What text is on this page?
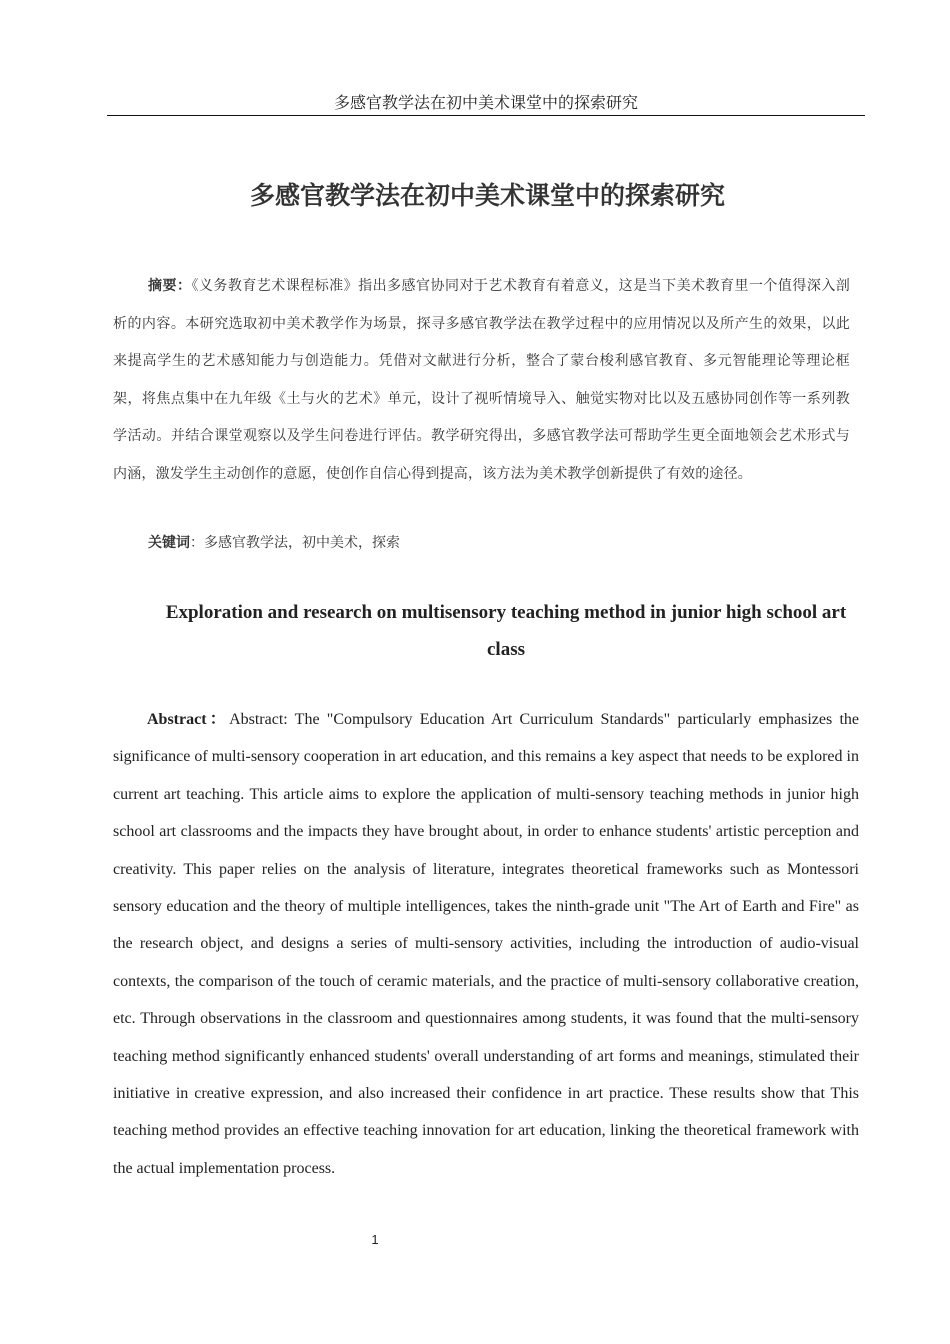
多感官教学法在初中美术课堂中的探索研究
多感官教学法在初中美术课堂中的探索研究

摘要：《义务教育艺术课程标准》指出多感官协同对于艺术教育有着意义，这是当下美术教育里一个值得深入剖析的内容。本研究选取初中美术教学作为场景，探寻多感官教学法在教学过程中的应用情况以及所产生的效果，以此来提高学生的艺术感知能力与创造能力。凭借对文献进行分析，整合了蒙台梭利感官教育、多元智能理论等理论框架，将焦点集中在九年级《土与火的艺术》单元，设计了视听情境导入、触觉实物对比以及五感协同创作等一系列教学活动。并结合课堂观察以及学生问卷进行评估。教学研究得出，多感官教学法可帮助学生更全面地领会艺术形式与内涵，激发学生主动创作的意愿，使创作自信心得到提高，该方法为美术教学创新提供了有效的途径。

关键词：多感官教学法，初中美术，探索

Exploration and research on multisensory teaching method in junior high school art class

Abstract：Abstract: The "Compulsory Education Art Curriculum Standards" particularly emphasizes the significance of multi-sensory cooperation in art education, and this remains a key aspect that needs to be explored in current art teaching. This article aims to explore the application of multi-sensory teaching methods in junior high school art classrooms and the impacts they have brought about, in order to enhance students' artistic perception and creativity. This paper relies on the analysis of literature, integrates theoretical frameworks such as Montessori sensory education and the theory of multiple intelligences, takes the ninth-grade unit "The Art of Earth and Fire" as the research object, and designs a series of multi-sensory activities, including the introduction of audio-visual contexts, the comparison of the touch of ceramic materials, and the practice of multi-sensory collaborative creation, etc. Through observations in the classroom and questionnaires among students, it was found that the multi-sensory teaching method significantly enhanced students' overall understanding of art forms and meanings, stimulated their initiative in creative expression, and also increased their confidence in art practice. These results show that This teaching method provides an effective teaching innovation for art education, linking the theoretical framework with the actual implementation process.

1
